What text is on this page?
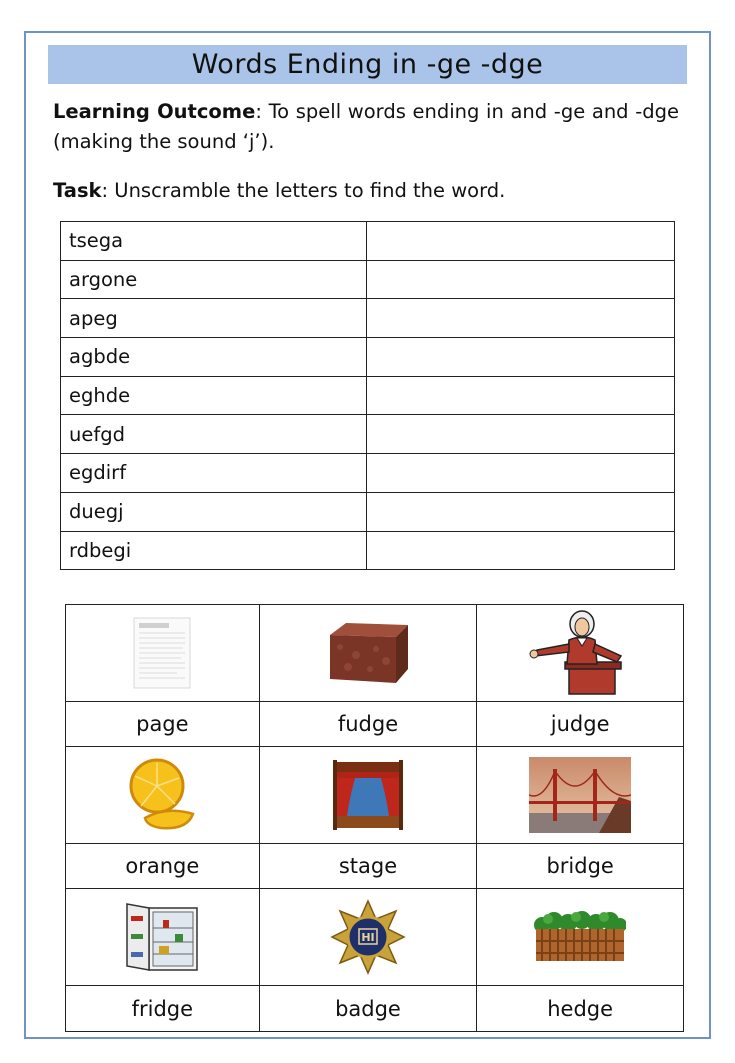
Words Ending in -ge -dge
Learning Outcome: To spell words ending in and -ge and -dge (making the sound ‘j’).
Task: Unscramble the letters to find the word.
tsega	
argone	
apeg	
agbde	
eghde	
uefgd	
egdirf	
duegj	
rdbegi	

page	fudge	judge

orange	stage	bridge

HI

fridge	badge	hedge
